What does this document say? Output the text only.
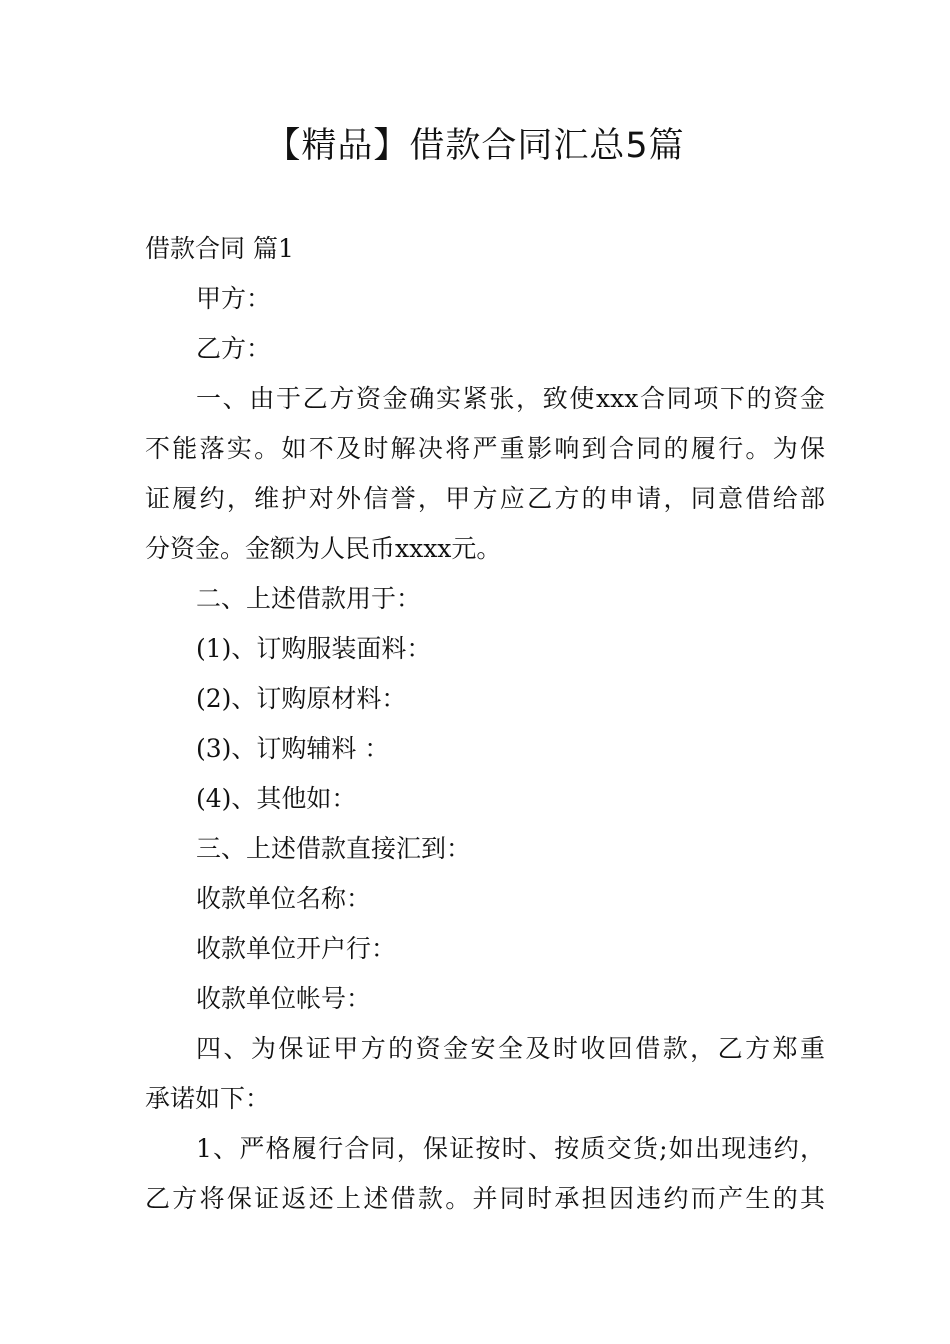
【精品】借款合同汇总5篇
借款合同 篇1
甲方：
乙方：
一、由于乙方资金确实紧张，致使xxx合同项下的资金
不能落实。如不及时解决将严重影响到合同的履行。为保
证履约，维护对外信誉，甲方应乙方的申请，同意借给部
分资金。金额为人民币xxxx元。
二、上述借款用于：
(1)、订购服装面料：
(2)、订购原材料：
(3)、订购辅料 ：
(4)、其他如：
三、上述借款直接汇到：
收款单位名称：
收款单位开户行：
收款单位帐号：
四、为保证甲方的资金安全及时收回借款，乙方郑重
承诺如下：
1、严格履行合同，保证按时、按质交货;如出现违约，
乙方将保证返还上述借款。并同时承担因违约而产生的其
